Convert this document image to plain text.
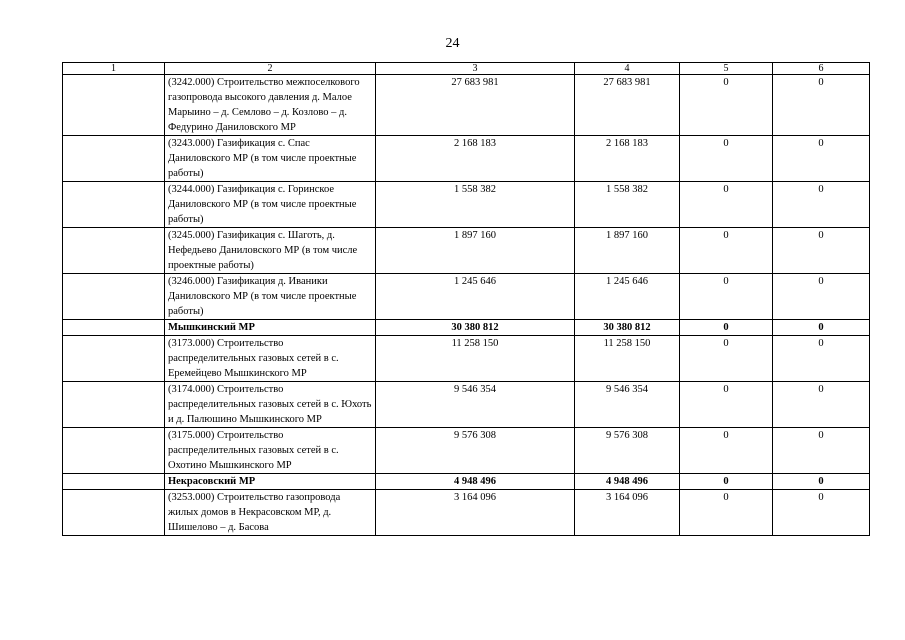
24
1	2	3	4	5	6
	(3242.000) Строительство межпоселкового газопровода высокого давления д. Малое Марыино – д. Семлово – д. Козлово – д. Федурино Даниловского МР	27 683 981	27 683 981	0	0
	(3243.000) Газификация с. Спас Даниловского МР (в том числе проектные работы)	2 168 183	2 168 183	0	0
	(3244.000) Газификация с. Горинское Даниловского МР (в том числе проектные работы)	1 558 382	1 558 382	0	0
	(3245.000) Газификация с. Шаготь, д. Нефедьево Даниловского МР (в том числе проектные работы)	1 897 160	1 897 160	0	0
	(3246.000) Газификация д. Иваники Даниловского МР (в том числе проектные работы)	1 245 646	1 245 646	0	0
	Мышкинский МР	30 380 812	30 380 812	0	0
	(3173.000) Строительство распределительных газовых сетей в с. Еремейцево Мышкинского МР	11 258 150	11 258 150	0	0
	(3174.000) Строительство распределительных газовых сетей в с. Юхоть и д. Палюшино Мышкинского МР	9 546 354	9 546 354	0	0
	(3175.000) Строительство распределительных газовых сетей в с. Охотино Мышкинского МР	9 576 308	9 576 308	0	0
	Некрасовский МР	4 948 496	4 948 496	0	0
	(3253.000) Строительство газопровода жилых домов в Некрасовском МР, д. Шишелово – д. Басова	3 164 096	3 164 096	0	0
